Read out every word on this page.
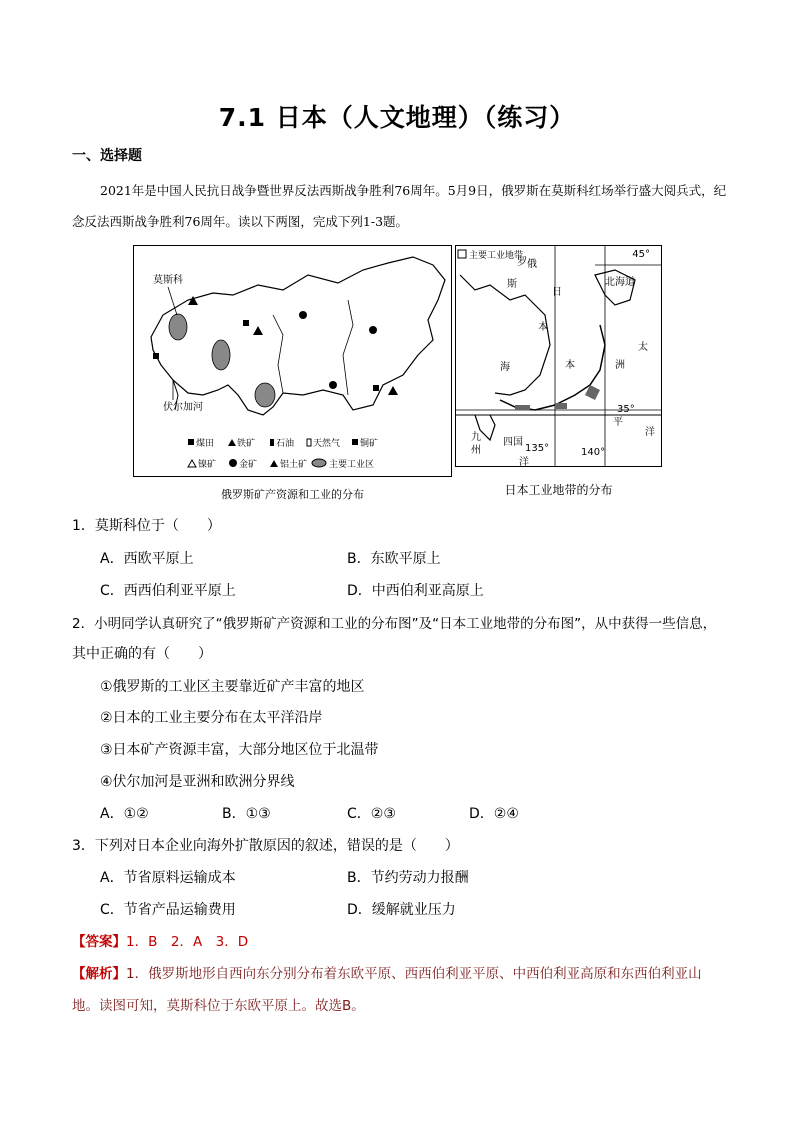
7.1 日本（人文地理）（练习）
一、选择题
2021年是中国人民抗日战争暨世界反法西斯战争胜利76周年。5月9日，俄罗斯在莫斯科红场举行盛大阅兵式，纪念反法西斯战争胜利76周年。读以下两图，完成下列1-3题。
莫斯科
伏尔加河
煤田	铁矿 石油 天然气 铜矿
镍矿	金矿	铝土矿 主要工业区
俄罗斯矿产资源和工业的分布
主要工业地带	45°
35°
135°	140°
北海道
俄
罗
斯
日
本
海	本	洲
太
平
洋
九
州
四国
洋
日本工业地带的分布
1．莫斯科位于（　　）
A．西欧平原上	B．东欧平原上
C．西西伯利亚平原上	D．中西伯利亚高原上
2．小明同学认真研究了“俄罗斯矿产资源和工业的分布图”及“日本工业地带的分布图”，从中获得一些信息，
其中正确的有（　　）
①俄罗斯的工业区主要靠近矿产丰富的地区
②日本的工业主要分布在太平洋沿岸
③日本矿产资源丰富，大部分地区位于北温带
④伏尔加河是亚洲和欧洲分界线
A．①②	B．①③	C．②③	D．②④
3．下列对日本企业向海外扩散原因的叙述，错误的是（　　）
A．节省原料运输成本	B．节约劳动力报酬
C．节省产品运输费用	D．缓解就业压力
【答案】1．B　2．A　3．D
【解析】1．俄罗斯地形自西向东分别分布着东欧平原、西西伯利亚平原、中西伯利亚高原和东西伯利亚山
地。读图可知，莫斯科位于东欧平原上。故选B。
